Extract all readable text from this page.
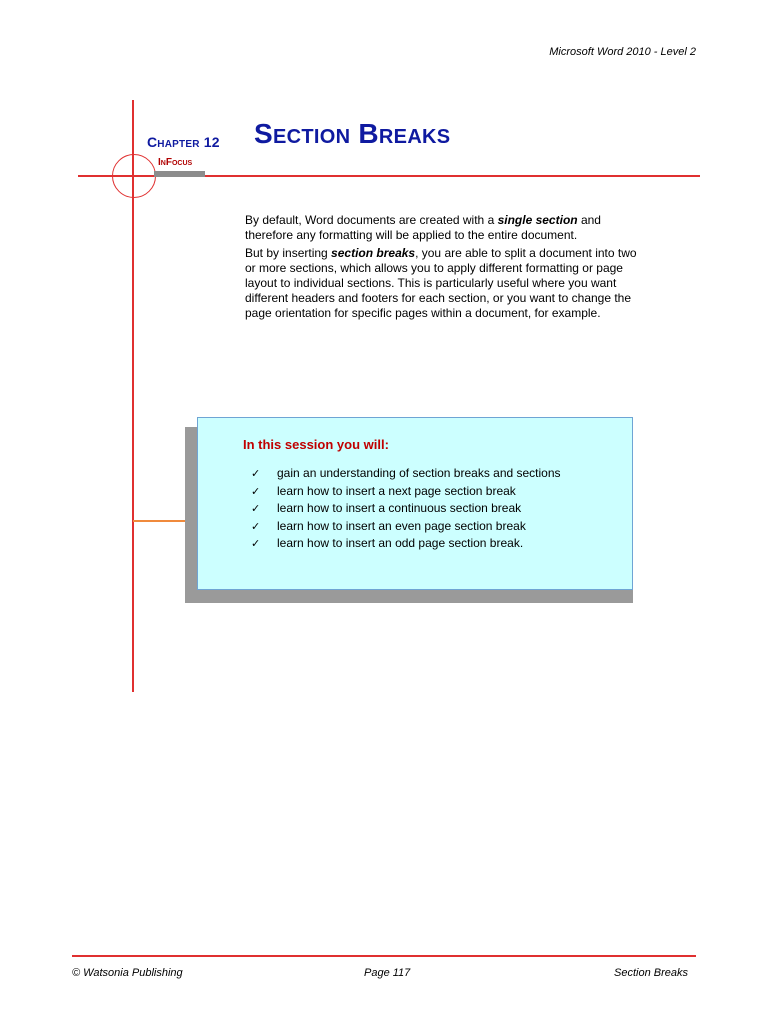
Microsoft Word 2010 - Level 2
Chapter 12
InFocus
Section Breaks

By default, Word documents are created with a single section and therefore any formatting will be applied to the entire document.

But by inserting section breaks, you are able to split a document into two or more sections, which allows you to apply different formatting or page layout to individual sections. This is particularly useful where you want different headers and footers for each section, or you want to change the page orientation for specific pages within a document, for example.

In this session you will:
✓ gain an understanding of section breaks and sections
✓ learn how to insert a next page section break
✓ learn how to insert a continuous section break
✓ learn how to insert an even page section break
✓ learn how to insert an odd page section break.
© Watsonia Publishing	Page 117	Section Breaks
